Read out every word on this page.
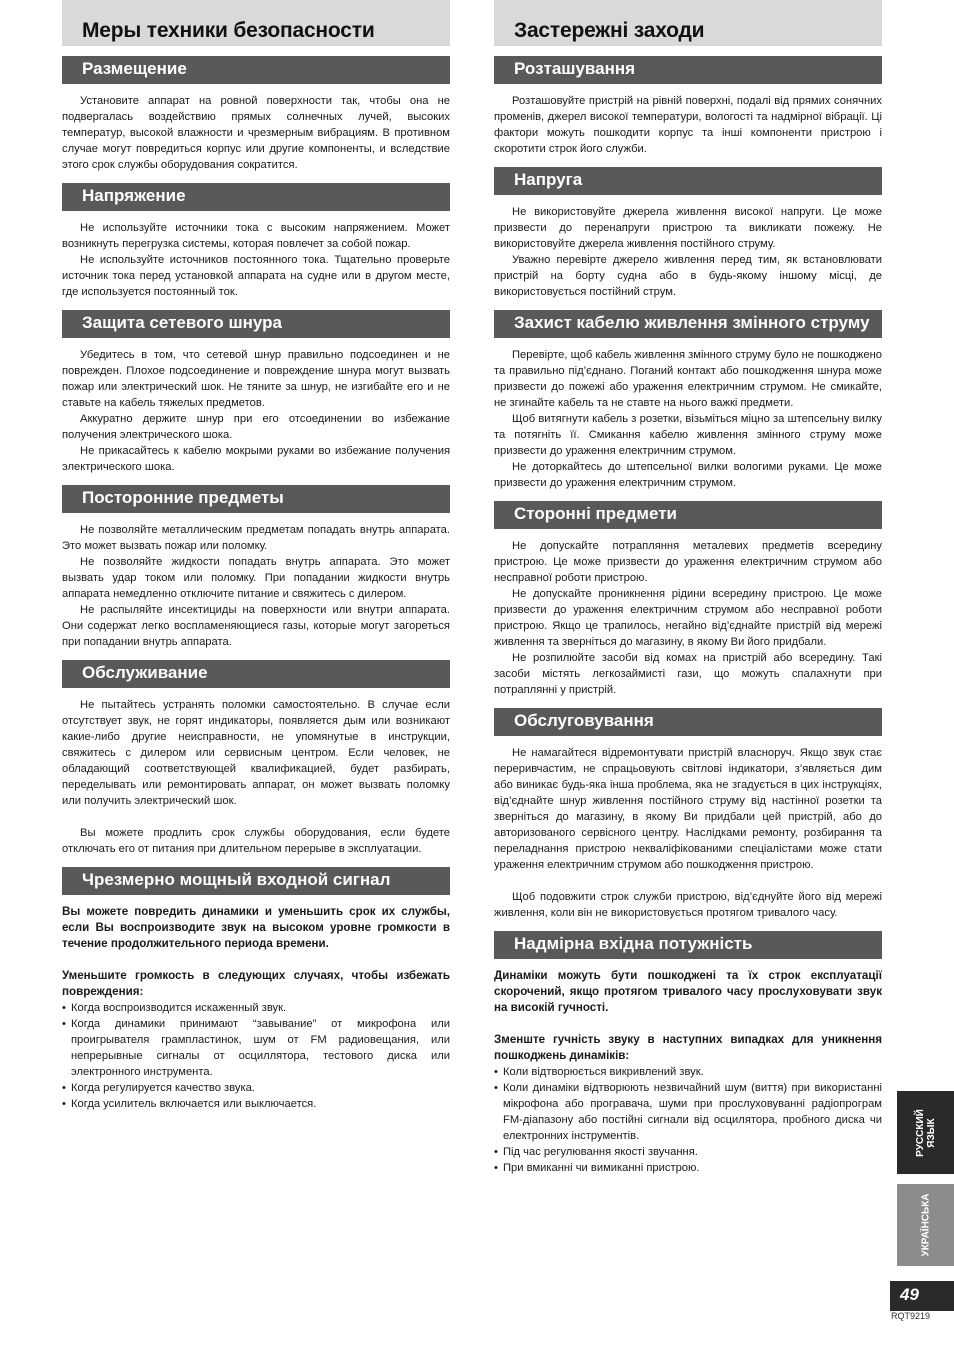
Меры техники безопасности
Размещение

Установите аппарат на ровной поверхности так, чтобы она не подвергалась воздействию прямых солнечных лучей, высоких температур, высокой влажности и чрезмерным вибрациям. В противном случае могут повредиться корпус или другие компоненты, и вследствие этого срок службы оборудования сократится.

Напряжение

Не используйте источники тока с высоким напряжением. Может возникнуть перегрузка системы, которая повлечет за собой пожар.

Не используйте источников постоянного тока. Тщательно проверьте источник тока перед установкой аппарата на судне или в другом месте, где используется постоянный ток.

Защита сетевого шнура

Убедитесь в том, что сетевой шнур правильно подсоединен и не поврежден. Плохое подсоединение и повреждение шнура могут вызвать пожар или электрический шок. Не тяните за шнур, не изгибайте его и не ставьте на кабель тяжелых предметов.

Аккуратно держите шнур при его отсоединении во избежание получения электрического шока.

Не прикасайтесь к кабелю мокрыми руками во избежание получения электрического шока.

Посторонние предметы

Не позволяйте металлическим предметам попадать внутрь аппарата. Это может вызвать пожар или поломку.

Не позволяйте жидкости попадать внутрь аппарата. Это может вызвать удар током или поломку. При попадании жидкости внутрь аппарата немедленно отключите питание и свяжитесь с дилером.

Не распыляйте инсектициды на поверхности или внутри аппарата. Они содержат легко воспламеняющиеся газы, которые могут загореться при попадании внутрь аппарата.

Обслуживание

Не пытайтесь устранять поломки самостоятельно. В случае если отсутствует звук, не горят индикаторы, появляется дым или возникают какие-либо другие неисправности, не упомянутые в инструкции, свяжитесь с дилером или сервисным центром. Если человек, не обладающий соответствующей квалификацией, будет разбирать, переделывать или ремонтировать аппарат, он может вызвать поломку или получить электрический шок.

Вы можете продлить срок службы оборудования, если будете отключать его от питания при длительном перерыве в эксплуатации.

Чрезмерно мощный входной сигнал

Вы можете повредить динамики и уменьшить срок их службы, если Вы воспроизводите звук на высоком уровне громкости в течение продолжительного периода времени.

Уменьшите громкость в следующих случаях, чтобы избежать повреждения:

• Когда воспроизводится искаженный звук.
• Когда динамики принимают “завывание” от микрофона или проигрывателя грампластинок, шум от FM радиовещания, или непрерывные сигналы от осциллятора, тестового диска или электронного инструмента.
• Когда регулируется качество звука.
• Когда усилитель включается или выключается.
Застережні заходи
Розташування

Розташовуйте пристрій на рівній поверхні, подалі від прямих сонячних променів, джерел високої температури, вологості та надмірної вібрації. Ці фактори можуть пошкодити корпус та інші компоненти пристрою і скоротити строк його служби.

Напруга

Не використовуйте джерела живлення високої напруги. Це може призвести до перенапруги пристрою та викликати пожежу. Не використовуйте джерела живлення постійного струму.

Уважно перевірте джерело живлення перед тим, як встановлювати пристрій на борту судна або в будь-якому іншому місці, де використовується постійний струм.

Захист кабелю живлення змінного струму

Перевірте, щоб кабель живлення змінного струму було не пошкоджено та правильно під’єднано. Поганий контакт або пошкодження шнура може призвести до пожежі або ураження електричним струмом. Не смикайте, не згинайте кабель та не ставте на нього важкі предмети.

Щоб витягнути кабель з розетки, візьміться міцно за штепсельну вилку та потягніть її. Смикання кабелю живлення змінного струму може призвести до ураження електричним струмом.

Не доторкайтесь до штепсельної вилки вологими руками. Це може призвести до ураження електричним струмом.

Сторонні предмети

Не допускайте потрапляння металевих предметів всередину пристрою. Це може призвести до ураження електричним струмом або несправної роботи пристрою.

Не допускайте проникнення рідини всередину пристрою. Це може призвести до ураження електричним струмом або несправної роботи пристрою. Якщо це трапилось, негайно від’єднайте пристрій від мережі живлення та зверніться до магазину, в якому Ви його придбали.

Не розпилюйте засоби від комах на пристрій або всередину. Такі засоби містять легкозаймисті гази, що можуть спалахнути при потраплянні у пристрій.

Обслуговування

Не намагайтеся відремонтувати пристрій власноруч. Якщо звук стає переривчастим, не спрацьовують світлові індикатори, з’являється дим або виникає будь-яка інша проблема, яка не згадується в цих інструкціях, від’єднайте шнур живлення постійного струму від настінної розетки та зверніться до магазину, в якому Ви придбали цей пристрій, або до авторизованого сервісного центру. Наслідками ремонту, розбирання та переладнання пристрою некваліфікованими спеціалістами може стати ураження електричним струмом або пошкодження пристрою.

Щоб подовжити строк служби пристрою, від’єднуйте його від мережі живлення, коли він не використовується протягом тривалого часу.

Надмірна вхідна потужність

Динаміки можуть бути пошкоджені та їх строк експлуатації скорочений, якщо протягом тривалого часу прослуховувати звук на високій гучності.

Зменште гучність звуку в наступних випадках для уникнення пошкоджень динаміків:

• Коли відтворюється викривлений звук.
• Коли динаміки відтворюють незвичайний шум (виття) при використанні мікрофона або програвача, шуми при прослуховуванні радіопрограм FM-діапазону або постійні сигнали від осцилятора, пробного диска чи електронних інструментів.
• Під час регулювання якості звучання.
• При вмиканні чи вимиканні пристрою.
РУССКИЙ
ЯЗЫК
УКРАЇНСЬКА
49
RQT9219
